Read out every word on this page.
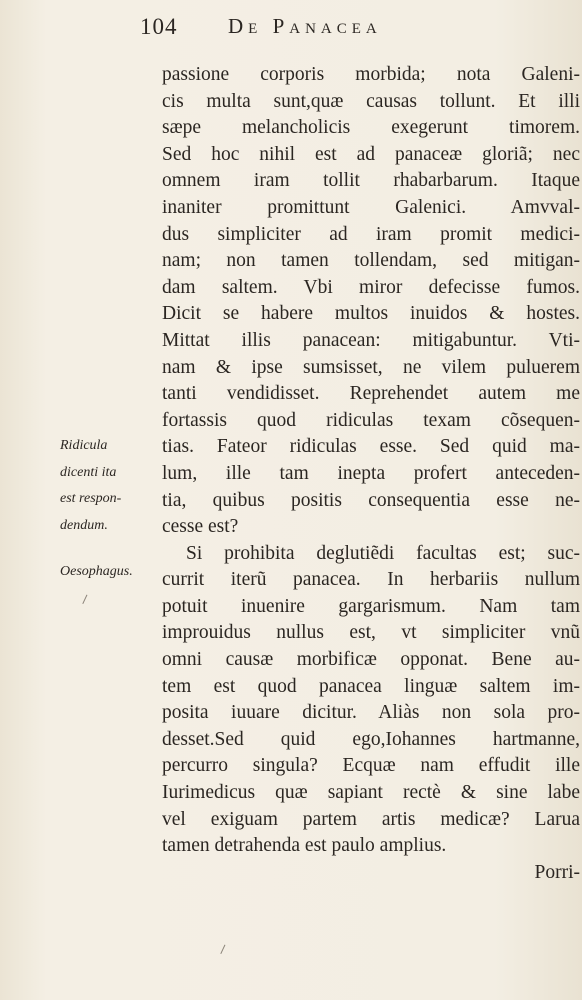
104 De Panacea
Ridicula
dicenti ita
est respon-
dendum.
Oesophagus.
passione corporis morbida; nota Galeni-
cis multa sunt,quæ causas tollunt. Et illi
sæpe melancholicis exegerunt timorem.
Sed hoc nihil est ad panaceæ gloriã; nec
omnem iram tollit rhabarbarum. Itaque
inaniter promittunt Galenici. Amvval-
dus simpliciter ad iram promit medici-
nam; non tamen tollendam, sed mitigan-
dam saltem. Vbi miror defecisse fumos.
Dicit se habere multos inuidos & hostes.
Mittat illis panacean: mitigabuntur. Vti-
nam & ipse sumsisset, ne vilem puluerem
tanti vendidisset. Reprehendet autem me
fortassis quod ridiculas texam cõsequen-
tias. Fateor ridiculas esse. Sed quid ma-
lum, ille tam inepta profert anteceden-
tia, quibus positis consequentia esse ne-
cesse est?
Si prohibita deglutiẽdi facultas est; suc-
currit iterũ panacea. In herbariis nullum
potuit inuenire gargarismum. Nam tam
improuidus nullus est, vt simpliciter vnũ
omni causæ morbificæ opponat. Bene au-
tem est quod panacea linguæ saltem im-
posita iuuare dicitur. Aliàs non sola pro-
desset.Sed quid ego,Iohannes hartmanne,
percurro singula? Ecquæ nam effudit ille
Iurimedicus quæ sapiant rectè & sine labe
vel exiguam partem artis medicæ? Larua
tamen detrahenda est paulo amplius.
Porri-
